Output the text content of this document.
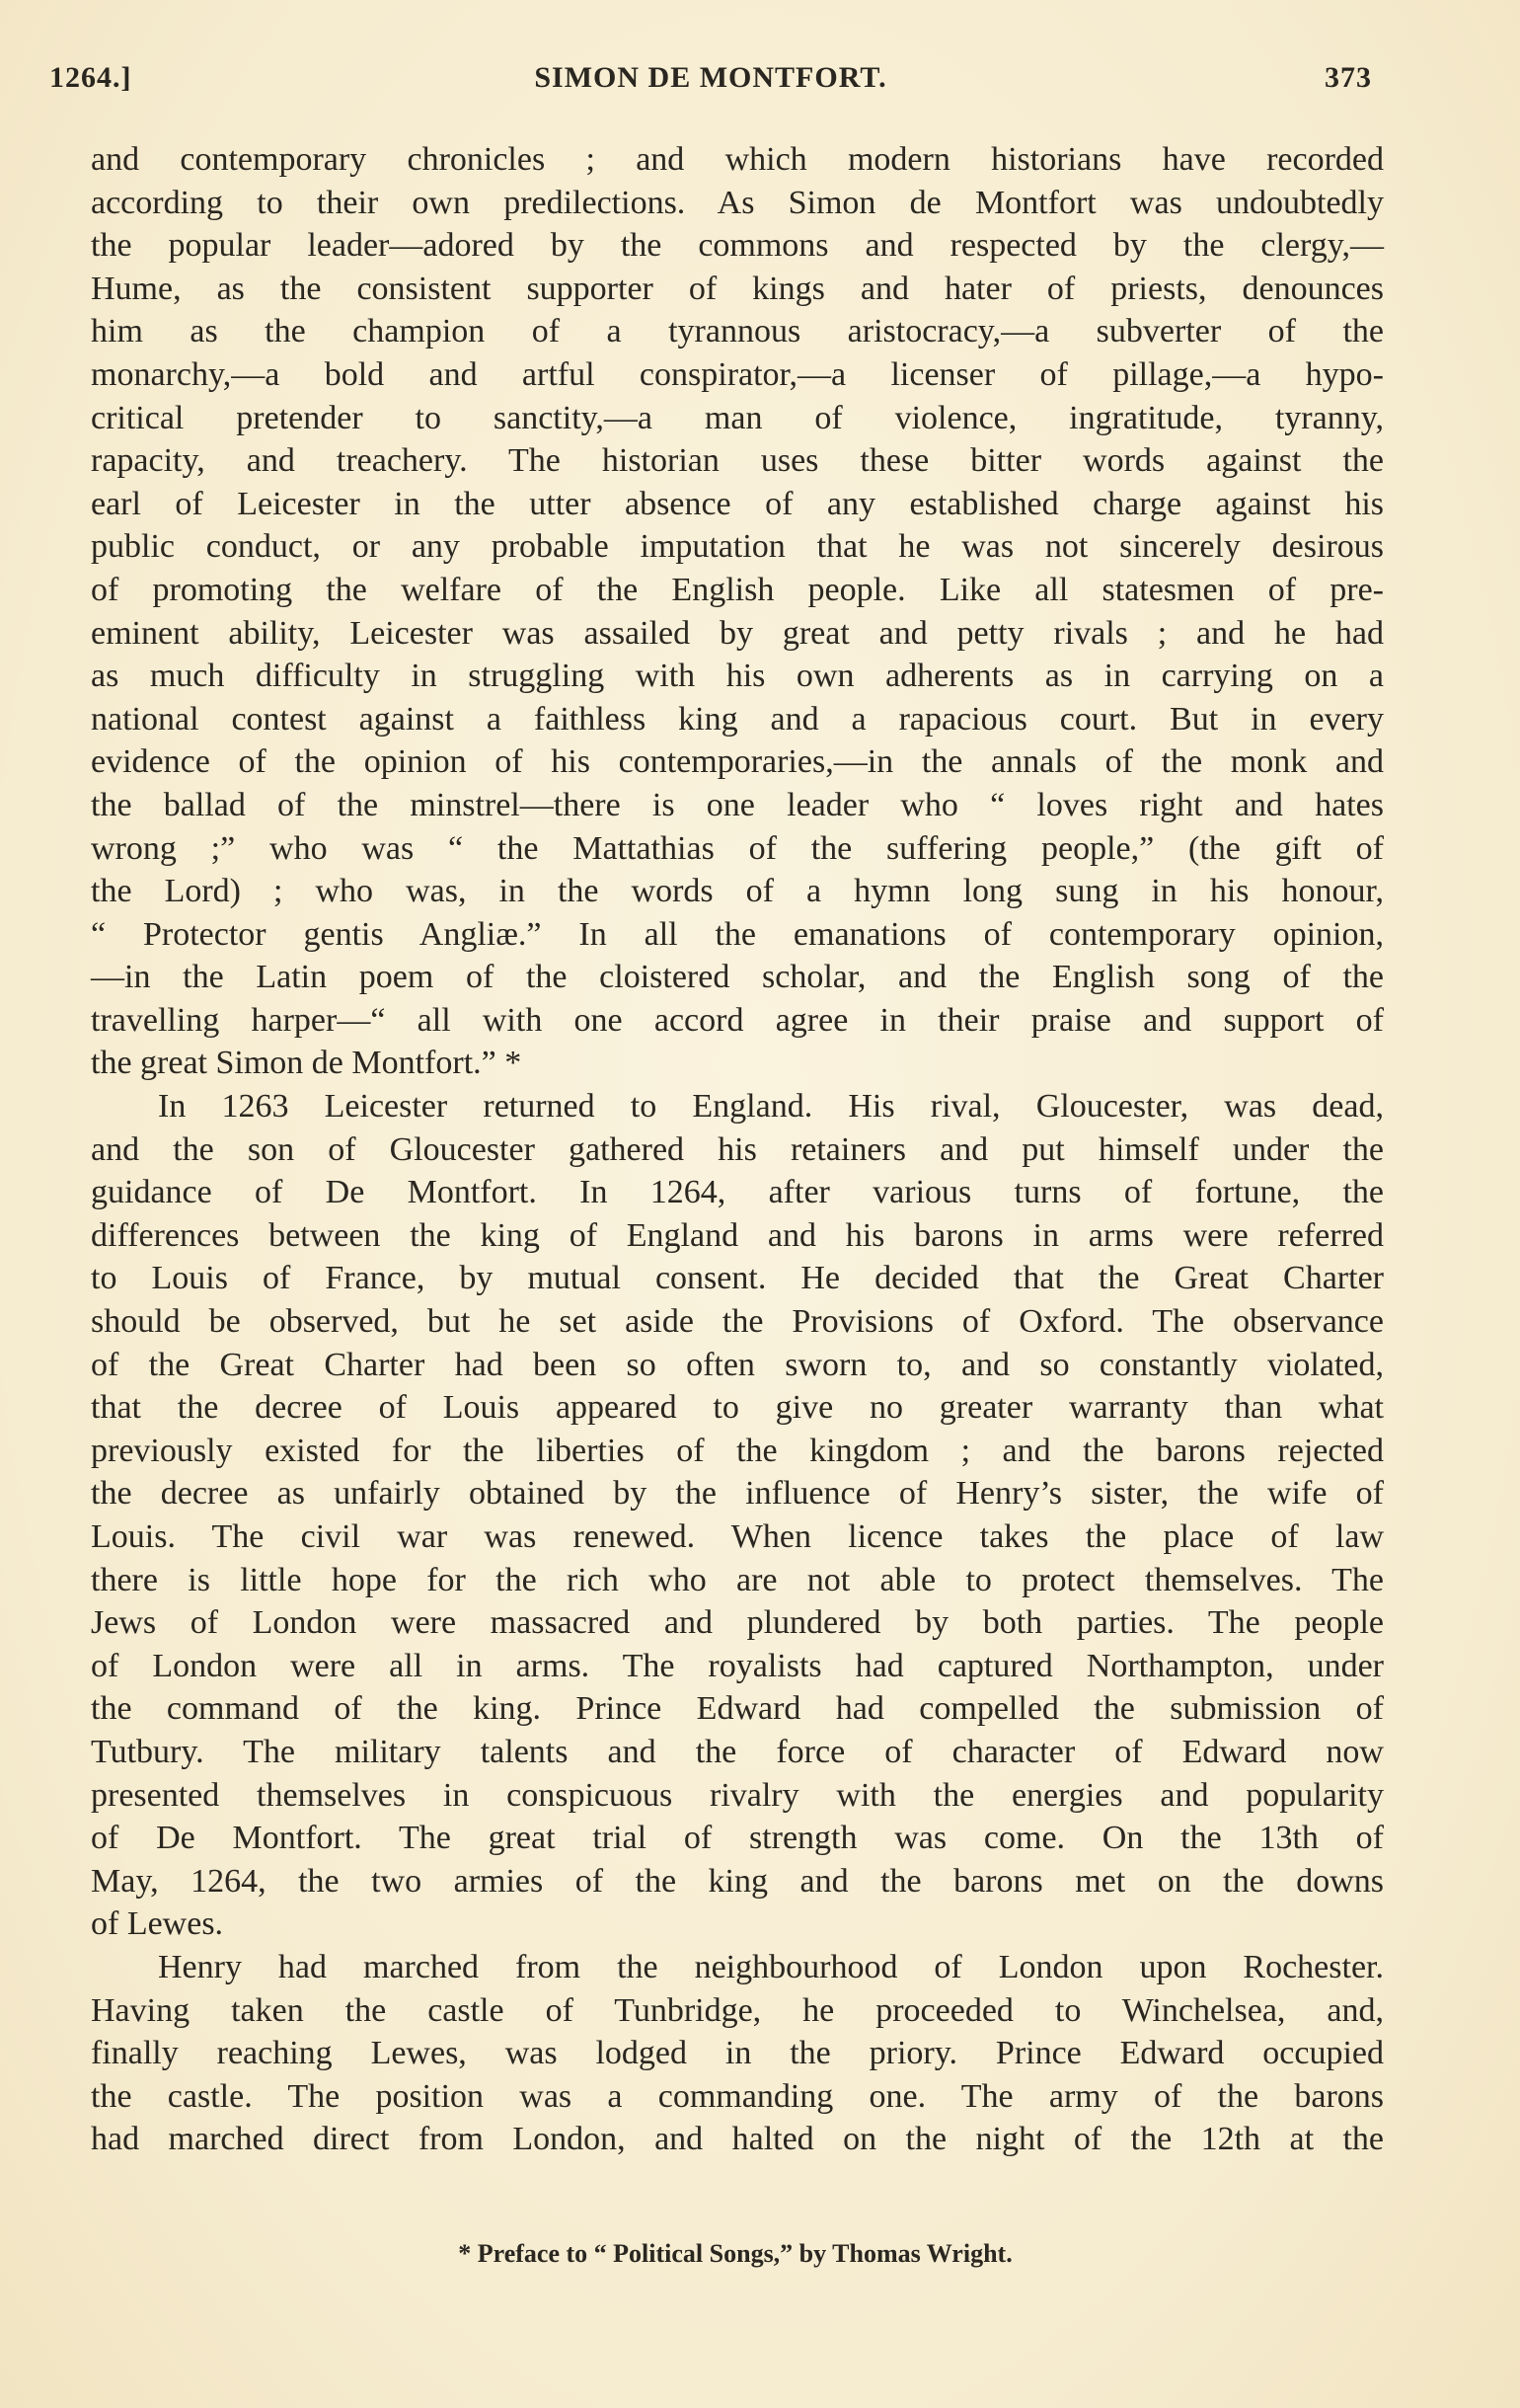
1264.]	SIMON DE MONTFORT.	373
and contemporary chronicles ; and which modern historians have recorded
according to their own predilections. As Simon de Montfort was undoubtedly
the popular leader—adored by the commons and respected by the clergy,—
Hume, as the consistent supporter of kings and hater of priests, denounces
him as the champion of a tyrannous aristocracy,—a subverter of the
monarchy,—a bold and artful conspirator,—a licenser of pillage,—a hypo-
critical pretender to sanctity,—a man of violence, ingratitude, tyranny,
rapacity, and treachery. The historian uses these bitter words against the
earl of Leicester in the utter absence of any established charge against his
public conduct, or any probable imputation that he was not sincerely desirous
of promoting the welfare of the English people. Like all statesmen of pre-
eminent ability, Leicester was assailed by great and petty rivals ; and he had
as much difficulty in struggling with his own adherents as in carrying on a
national contest against a faithless king and a rapacious court. But in every
evidence of the opinion of his contemporaries,—in the annals of the monk and
the ballad of the minstrel—there is one leader who “ loves right and hates
wrong ;” who was “ the Mattathias of the suffering people,” (the gift of
the Lord) ; who was, in the words of a hymn long sung in his honour,
“ Protector gentis Angliæ.” In all the emanations of contemporary opinion,
—in the Latin poem of the cloistered scholar, and the English song of the
travelling harper—“ all with one accord agree in their praise and support of
the great Simon de Montfort.” *
In 1263 Leicester returned to England. His rival, Gloucester, was dead,
and the son of Gloucester gathered his retainers and put himself under the
guidance of De Montfort. In 1264, after various turns of fortune, the
differences between the king of England and his barons in arms were referred
to Louis of France, by mutual consent. He decided that the Great Charter
should be observed, but he set aside the Provisions of Oxford. The observance
of the Great Charter had been so often sworn to, and so constantly violated,
that the decree of Louis appeared to give no greater warranty than what
previously existed for the liberties of the kingdom ; and the barons rejected
the decree as unfairly obtained by the influence of Henry’s sister, the wife of
Louis. The civil war was renewed. When licence takes the place of law
there is little hope for the rich who are not able to protect themselves. The
Jews of London were massacred and plundered by both parties. The people
of London were all in arms. The royalists had captured Northampton, under
the command of the king. Prince Edward had compelled the submission of
Tutbury. The military talents and the force of character of Edward now
presented themselves in conspicuous rivalry with the energies and popularity
of De Montfort. The great trial of strength was come. On the 13th of
May, 1264, the two armies of the king and the barons met on the downs
of Lewes.
Henry had marched from the neighbourhood of London upon Rochester.
Having taken the castle of Tunbridge, he proceeded to Winchelsea, and,
finally reaching Lewes, was lodged in the priory. Prince Edward occupied
the castle. The position was a commanding one. The army of the barons
had marched direct from London, and halted on the night of the 12th at the
* Preface to “ Political Songs,” by Thomas Wright.
